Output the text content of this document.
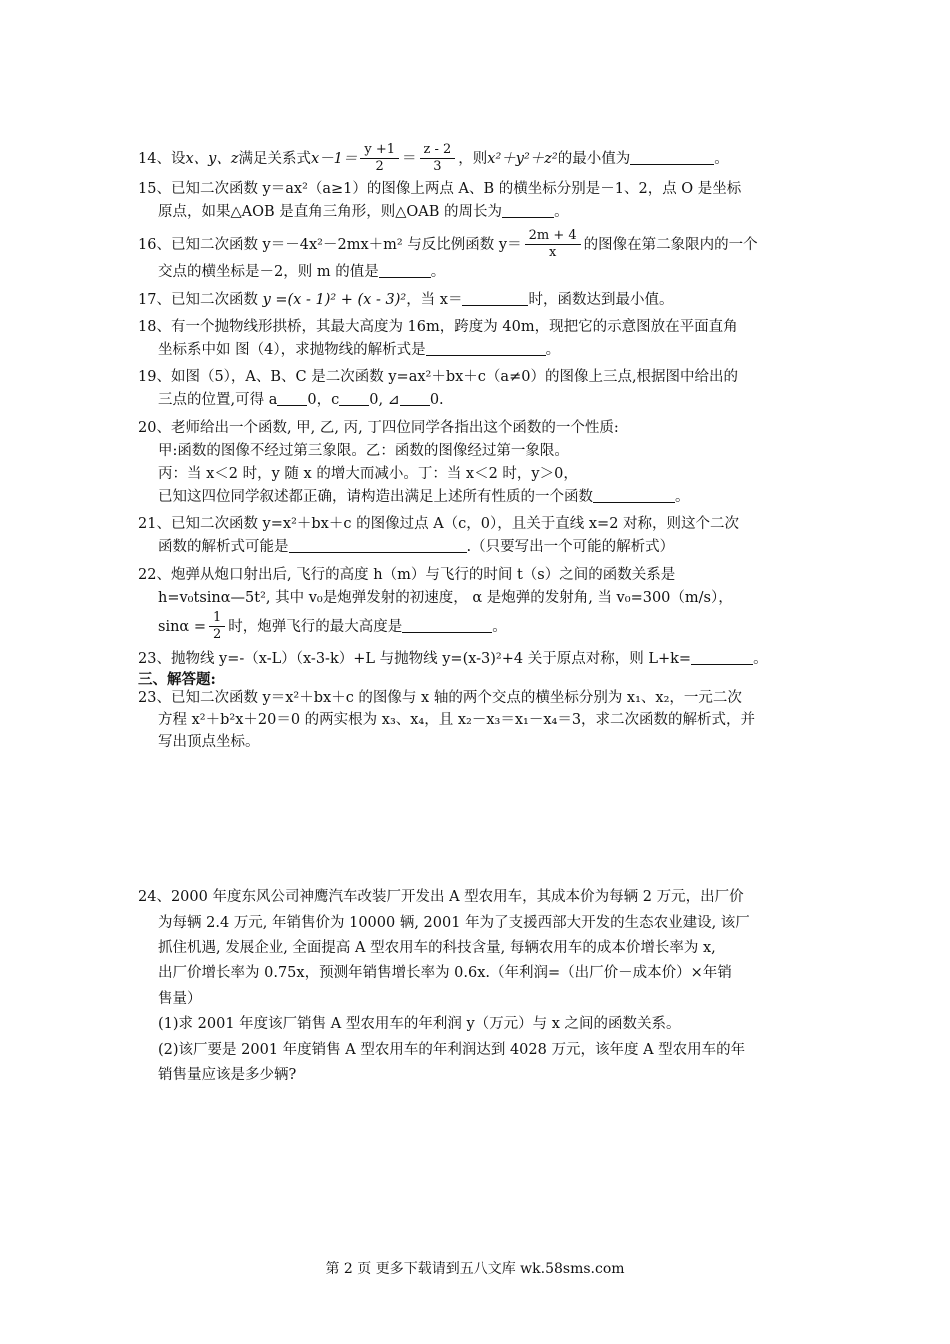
14、设x、y、z满足关系式$x-1= \frac{y +1}{2} = \frac{z - 2}{3}$ ，则x²＋y²＋z²的最小值为	。
15、已知二次函数 y＝ax²（a≥1）的图像上两点 A、B 的横坐标分别是－1、2，点 O 是坐标
原点，如果△AOB 是直角三角形，则△OAB 的周长为	。
16、已知二次函数 y＝－4x²－2mx＋m² 与反比例函数 $y= \frac{2m + 4}{x}$ 的图像在第二象限内的一个
交点的横坐标是－2，则 m 的值是	。
17、已知二次函数 y =(x - 1)² + (x - 3)²，当 x＝	时，函数达到最小值。
18、有一个抛物线形拱桥，其最大高度为 16m，跨度为 40m，现把它的示意图放在平面直角
坐标系中如 图（4），求抛物线的解析式是	。
19、如图（5），A、B、C 是二次函数 y=ax²＋bx＋c（a≠0）的图像上三点,根据图中给出的
三点的位置,可得 a 0，c 0, ⊿ 0.
20、老师给出一个函数, 甲, 乙, 丙, 丁四位同学各指出这个函数的一个性质:
甲:函数的图像不经过第三象限。乙：函数的图像经过第一象限。
丙：当 x＜2 时，y 随 x 的增大而减小。丁：当 x＜2 时，y＞0，
已知这四位同学叙述都正确，请构造出满足上述所有性质的一个函数	。
21、已知二次函数 y=x²＋bx＋c 的图像过点 A（c，0），且关于直线 x=2 对称，则这个二次
函数的解析式可能是	.（只要写出一个可能的解析式）
22、炮弹从炮口射出后, 飞行的高度 h（m）与飞行的时间 t（s）之间的函数关系是
h=v₀tsinα—5t², 其中 v₀是炮弹发射的初速度， α 是炮弹的发射角, 当 v₀=300（m/s），
$\sin\alpha = \frac{1}{2}$ 时，炮弹飞行的最大高度是	。
23、抛物线 y=-（x-L）（x-3-k）+L 与抛物线 y=(x-3)²+4 关于原点对称，则 L+k=	。
三、解答题:
23、已知二次函数 y＝x²＋bx＋c 的图像与 x 轴的两个交点的横坐标分别为 x₁、x₂，一元二次
方程 x²＋b²x＋20＝0 的两实根为 x₃、x₄，且 x₂－x₃＝x₁－x₄＝3，求二次函数的解析式，并
写出顶点坐标。
24、2000 年度东风公司神鹰汽车改装厂开发出 A 型农用车，其成本价为每辆 2 万元，出厂价
为每辆 2.4 万元, 年销售价为 10000 辆, 2001 年为了支援西部大开发的生态农业建设, 该厂
抓住机遇, 发展企业, 全面提高 A 型农用车的科技含量, 每辆农用车的成本价增长率为 x,
出厂价增长率为 0.75x，预测年销售增长率为 0.6x.（年利润=（出厂价－成本价）×年销
售量）
(1)求 2001 年度该厂销售 A 型农用车的年利润 y（万元）与 x 之间的函数关系。
(2)该厂要是 2001 年度销售 A 型农用车的年利润达到 4028 万元，该年度 A 型农用车的年
销售量应该是多少辆?
第 2 页 更多下载请到五八文库 wk.58sms.com
